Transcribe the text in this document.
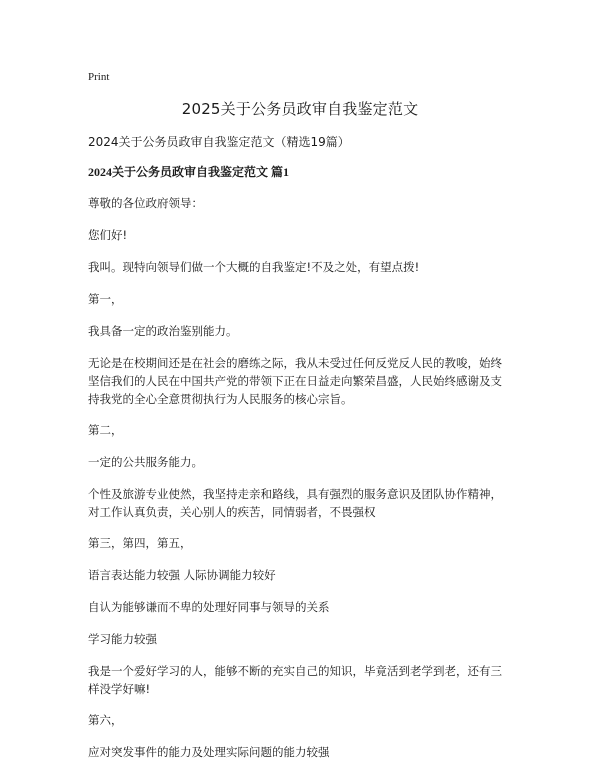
Print
2025关于公务员政审自我鉴定范文
2024关于公务员政审自我鉴定范文（精选19篇）
2024关于公务员政审自我鉴定范文 篇1

尊敬的各位政府领导：

您们好!

我叫。现特向领导们做一个大概的自我鉴定!不及之处，有望点拨!

第一，

我具备一定的政治鉴别能力。

无论是在校期间还是在社会的磨练之际，我从未受过任何反党反人民的教唆，始终坚信我们的人民在中国共产党的带领下正在日益走向繁荣昌盛，人民始终感谢及支持我党的全心全意贯彻执行为人民服务的核心宗旨。

第二，

一定的公共服务能力。

个性及旅游专业使然，我坚持走亲和路线，具有强烈的服务意识及团队协作精神，对工作认真负责，关心别人的疾苦，同情弱者，不畏强权

第三，第四，第五，

语言表达能力较强 人际协调能力较好

自认为能够谦而不卑的处理好同事与领导的关系

学习能力较强

我是一个爱好学习的人，能够不断的充实自己的知识，毕竟活到老学到老，还有三样没学好嘛!

第六，

应对突发事件的能力及处理实际问题的能力较强
